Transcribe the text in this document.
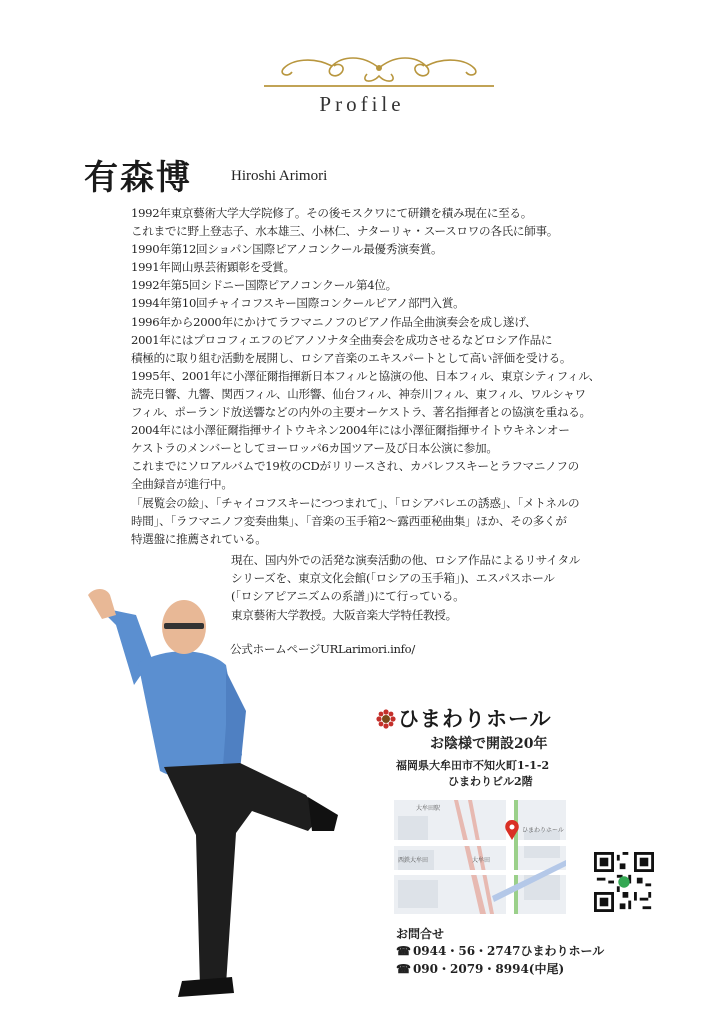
Profile
有森博	Hiroshi Arimori
1992年東京藝術大学大学院修了。その後モスクワにて研鑽を積み現在に至る。
これまでに野上登志子、水本雄三、小林仁、ナターリャ・スースロワの各氏に師事。
1990年第12回ショパン国際ピアノコンクール最優秀演奏賞。
1991年岡山県芸術顕彰を受賞。
1992年第5回シドニー国際ピアノコンクール第4位。
1994年第10回チャイコフスキー国際コンクールピアノ部門入賞。
1996年から2000年にかけてラフマニノフのピアノ作品全曲演奏会を成し遂げ、
2001年にはプロコフィエフのピアノソナタ全曲奏会を成功させるなどロシア作品に
積極的に取り組む活動を展開し、ロシア音楽のエキスパートとして高い評価を受ける。
1995年、2001年に小澤征爾指揮新日本フィルと協演の他、日本フィル、東京シティフィル、
読売日響、九響、関西フィル、山形響、仙台フィル、神奈川フィル、東フィル、ワルシャワ
フィル、ポーランド放送響などの内外の主要オーケストラ、著名指揮者との協演を重ねる。
2004年には小澤征爾指揮サイトウキネン2004年には小澤征爾指揮サイトウキネンオー
ケストラのメンバーとしてヨーロッパ6カ国ツアー及び日本公演に参加。
これまでにソロアルバムで19枚のCDがリリースされ、カバレフスキーとラフマニノフの
全曲録音が進行中。
「展覧会の絵」、「チャイコフスキーにつつまれて」、「ロシアバレエの誘惑」、「メトネルの
時間」、「ラフマニノフ変奏曲集」、「音楽の玉手箱2～露西亜秘曲集」ほか、その多くが
特選盤に推薦されている。
現在、国内外での活発な演奏活動の他、ロシア作品によるリサイタル
シリーズを、東京文化会館(「ロシアの玉手箱」)、エスパスホール
(「ロシアピアニズムの系譜」)にて行っている。
東京藝術大学教授。大阪音楽大学特任教授。
公式ホームページURLarimori.info/
ひまわりホール
お陰様で開設20年
福岡県大牟田市不知火町1-1-2
ひまわりビル2階
大牟田駅
大牟田
西鉄大牟田
ひまわりホール
お問合せ
☎ 0944・56・2747ひまわりホール
☎ 090・2079・8994(中尾)
